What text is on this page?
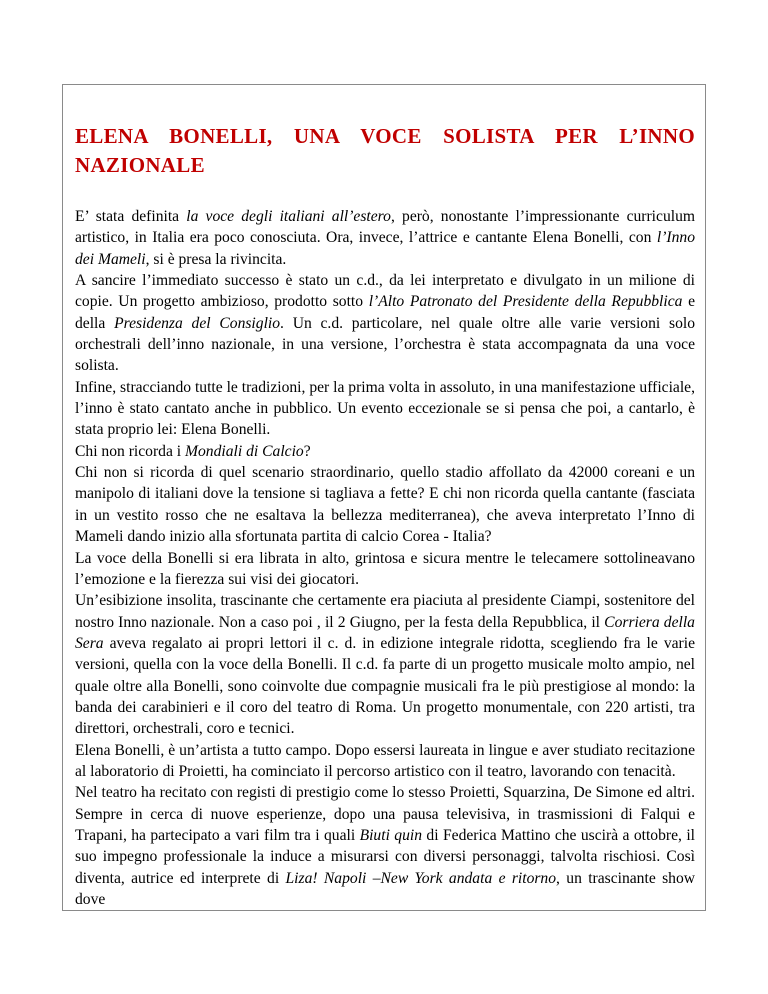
ELENA BONELLI, UNA VOCE SOLISTA PER L’INNO NAZIONALE

E’ stata definita la voce degli italiani all’estero, però, nonostante l’impressionante curriculum artistico, in Italia era poco conosciuta. Ora, invece, l’attrice e cantante Elena Bonelli, con l’Inno dei Mameli, si è presa la rivincita.

A sancire l’immediato successo è stato un c.d., da lei interpretato e divulgato in un milione di copie. Un progetto ambizioso, prodotto sotto l’Alto Patronato del Presidente della Repubblica e della Presidenza del Consiglio. Un c.d. particolare, nel quale oltre alle varie versioni solo orchestrali dell’inno nazionale, in una versione, l’orchestra è stata accompagnata da una voce solista.

Infine, stracciando tutte le tradizioni, per la prima volta in assoluto, in una manifestazione ufficiale, l’inno è stato cantato anche in pubblico. Un evento eccezionale se si pensa che poi, a cantarlo, è stata proprio lei: Elena Bonelli.

Chi non ricorda i Mondiali di Calcio?

Chi non si ricorda di quel scenario straordinario, quello stadio affollato da 42000 coreani e un manipolo di italiani dove la tensione si tagliava a fette? E chi non ricorda quella cantante (fasciata in un vestito rosso che ne esaltava la bellezza mediterranea), che aveva interpretato l’Inno di Mameli dando inizio alla sfortunata partita di calcio Corea - Italia?

La voce della Bonelli si era librata in alto, grintosa e sicura mentre le telecamere sottolineavano l’emozione e la fierezza sui visi dei giocatori.

Un’esibizione insolita, trascinante che certamente era piaciuta al presidente Ciampi, sostenitore del nostro Inno nazionale. Non a caso poi , il 2 Giugno, per la festa della Repubblica, il Corriera della Sera aveva regalato ai propri lettori il c. d. in edizione integrale ridotta, scegliendo fra le varie versioni, quella con la voce della Bonelli. Il c.d. fa parte di un progetto musicale molto ampio, nel quale oltre alla Bonelli, sono coinvolte due compagnie musicali fra le più prestigiose al mondo: la banda dei carabinieri e il coro del teatro di Roma. Un progetto monumentale, con 220 artisti, tra direttori, orchestrali, coro e tecnici.

Elena Bonelli, è un’artista a tutto campo. Dopo essersi laureata in lingue e aver studiato recitazione al laboratorio di Proietti, ha cominciato il percorso artistico con il teatro, lavorando con tenacità.

Nel teatro ha recitato con registi di prestigio come lo stesso Proietti, Squarzina, De Simone ed altri. Sempre in cerca di nuove esperienze, dopo una pausa televisiva, in trasmissioni di Falqui e Trapani, ha partecipato a vari film tra i quali Biuti quin di Federica Mattino che uscirà a ottobre, il suo impegno professionale la induce a misurarsi con diversi personaggi, talvolta rischiosi. Così diventa, autrice ed interprete di Liza! Napoli –New York andata e ritorno, un trascinante show dove
